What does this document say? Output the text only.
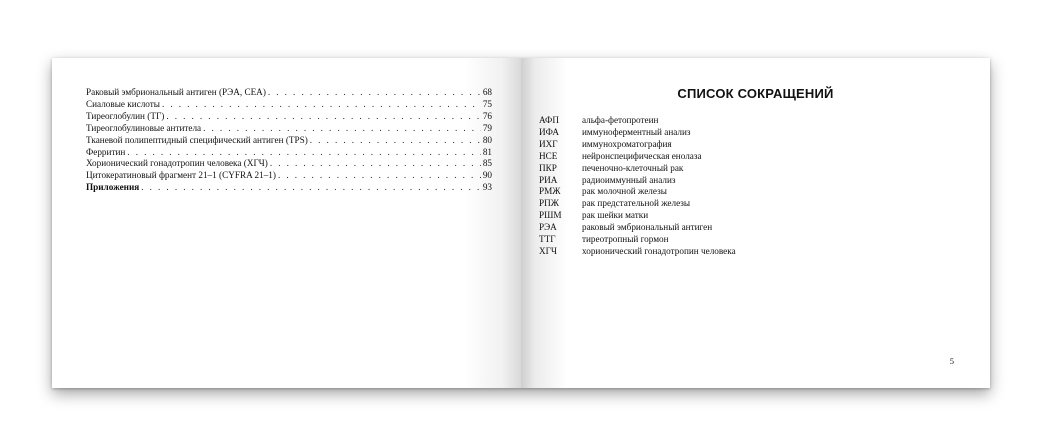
Раковый эмбриональный антиген (РЭА, СЕА) . . .	68
Сиаловые кислоты . . .	75
Тиреоглобулин (ТГ) . . .	76
Тиреоглобулиновые антитела . . .	79
Тканевой полипептидный специфический антиген (TPS) . . .	80
Ферритин . . .	81
Хорионический гонадотропин человека (ХГЧ) . . .	85
Цитокератиновый фрагмент 21–1 (CYFRA 21–1) . . .	90
Приложения . . .	93
СПИСОК СОКРАЩЕНИЙ
АФП	альфа-фетопротеин
ИФА	иммуноферментный анализ
ИХГ	иммунохроматография
НСЕ	нейронспецифическая енолаза
ПКР	печеночно-клеточный рак
РИА	радиоиммунный анализ
РМЖ	рак молочной железы
РПЖ	рак предстательной железы
РШМ	рак шейки матки
РЭА	раковый эмбриональный антиген
ТТГ	тиреотропный гормон
ХГЧ	хорионический гонадотропин человека
5
